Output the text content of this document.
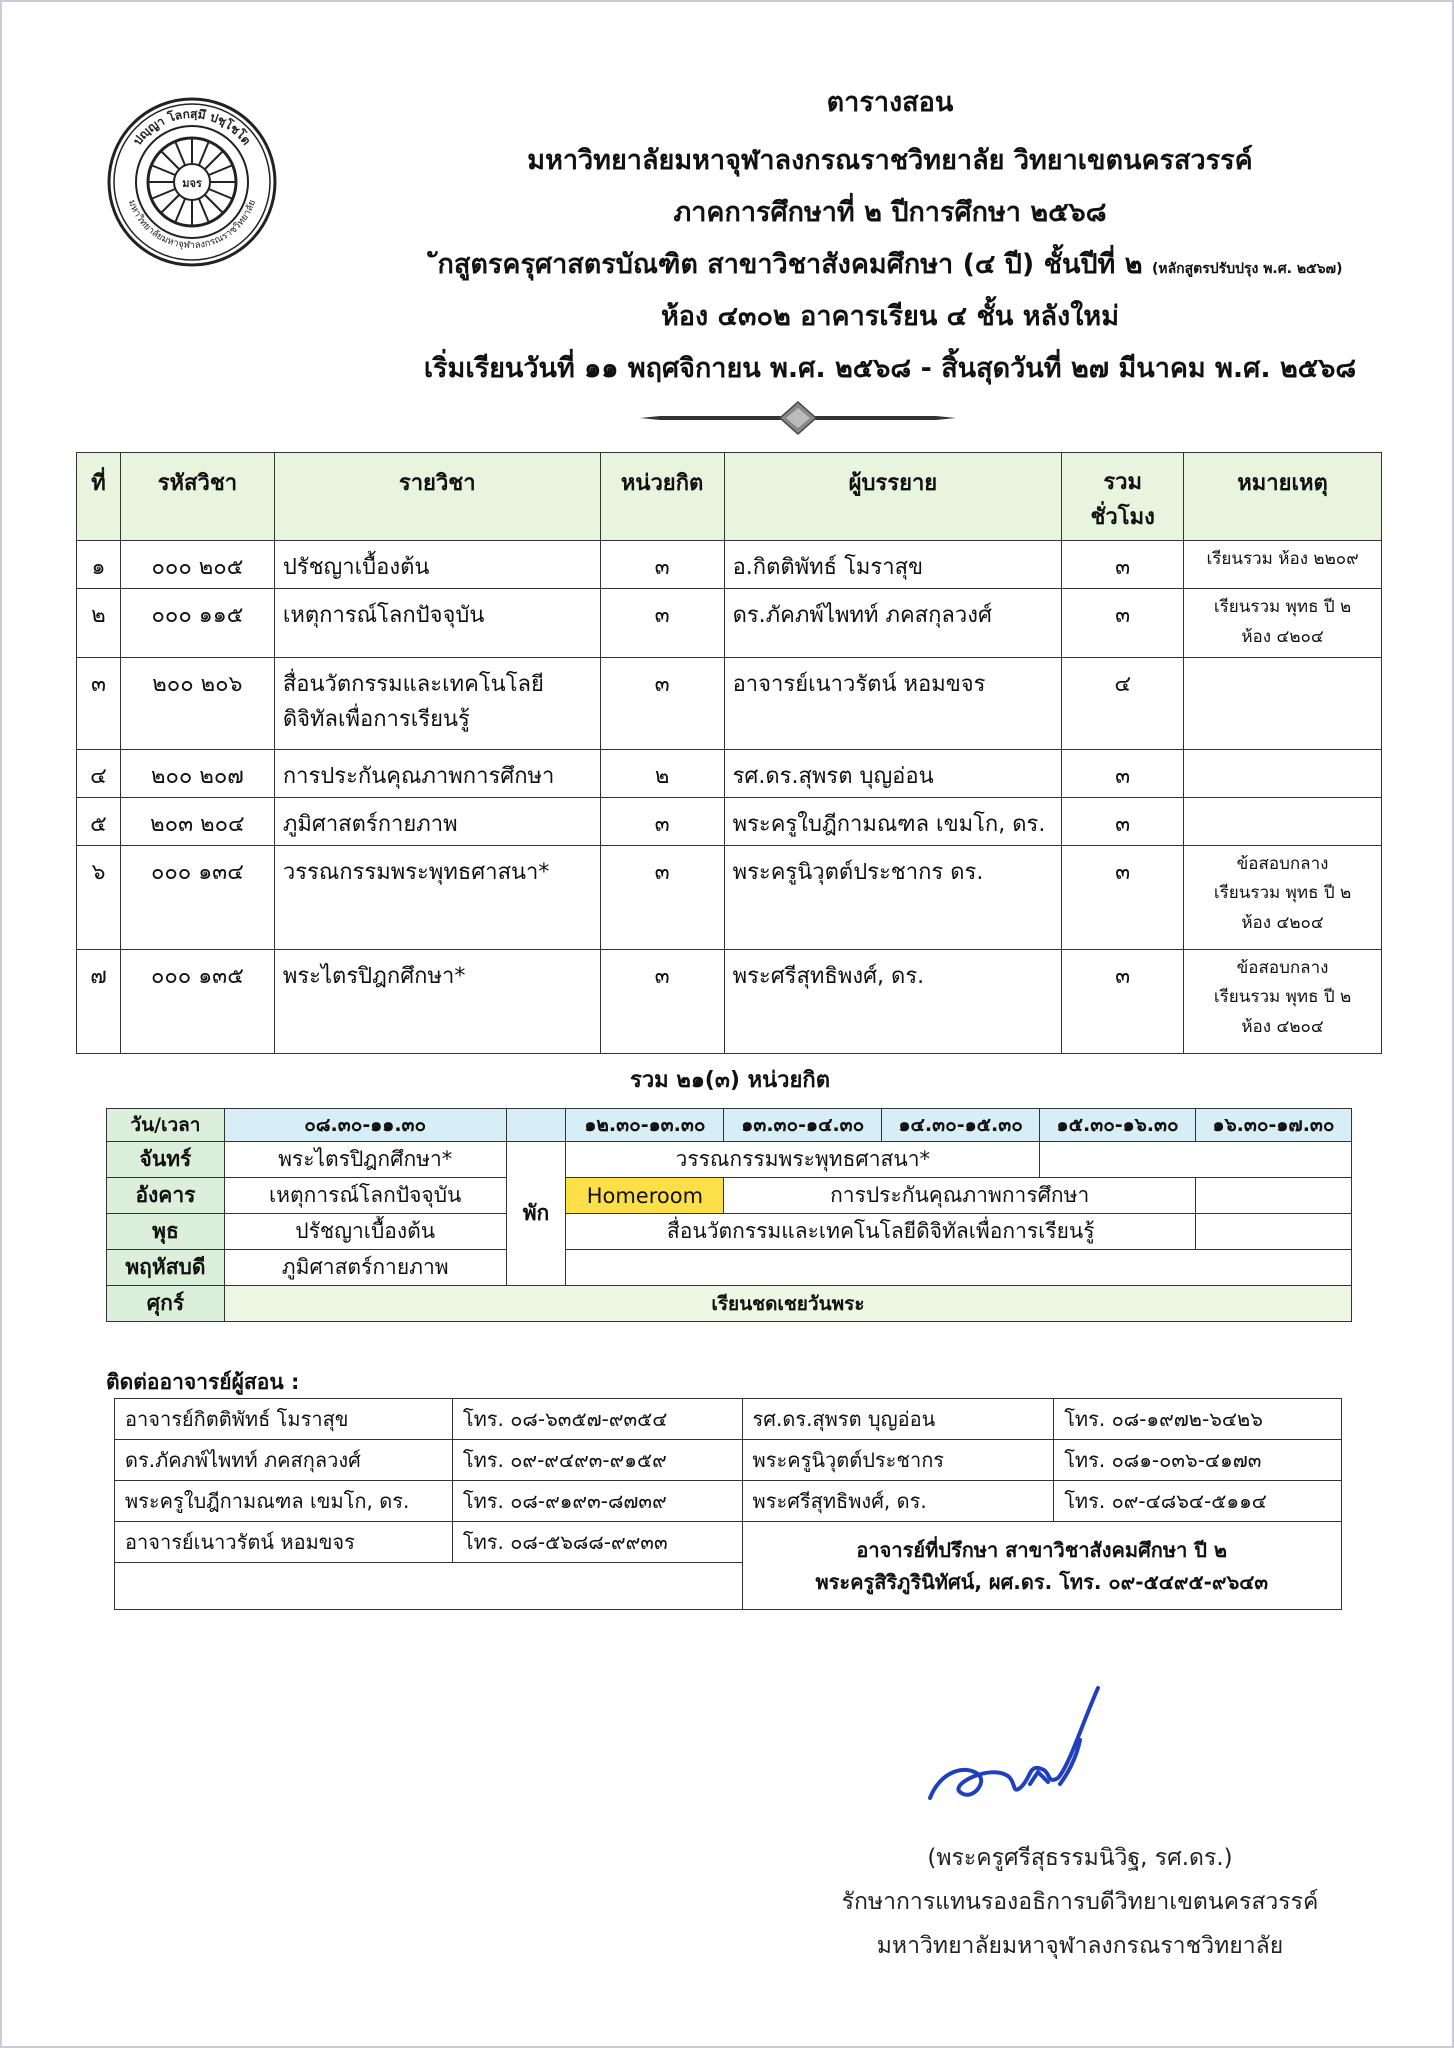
ปญฺญา โลกสฺมึ ปชฺโชโต
มหาวิทยาลัยมหาจุฬาลงกรณราชวิทยาลัย
มจร
ตารางสอน
มหาวิทยาลัยมหาจุฬาลงกรณราชวิทยาลัย วิทยาเขตนครสวรรค์
ภาคการศึกษาที่ ๒ ปีการศึกษา ๒๕๖๘
ักสูตรครุศาสตรบัณฑิต สาขาวิชาสังคมศึกษา (๔ ปี) ชั้นปีที่ ๒ (หลักสูตรปรับปรุง พ.ศ. ๒๕๖๗)
ห้อง ๔๓๐๒ อาคารเรียน ๔ ชั้น หลังใหม่
เริ่มเรียนวันที่ ๑๑ พฤศจิกายน พ.ศ. ๒๕๖๘ - สิ้นสุดวันที่ ๒๗ มีนาคม พ.ศ. ๒๕๖๘
ที่	รหัสวิชา	รายวิชา	หน่วยกิต	ผู้บรรยาย	รวม
ชั่วโมง	หมายเหตุ
๑	๐๐๐ ๒๐๕	ปรัชญาเบื้องต้น	๓	อ.กิตติพัทธ์ โมราสุข	๓	เรียนรวม ห้อง ๒๒๐๙
๒	๐๐๐ ๑๑๕	เหตุการณ์โลกปัจจุบัน	๓	ดร.ภัคภพ์ไพทท์ ภคสกุลวงศ์	๓	เรียนรวม พุทธ ปี ๒
ห้อง ๔๒๐๔
๓	๒๐๐ ๒๐๖	สื่อนวัตกรรมและเทคโนโลยี
ดิจิทัลเพื่อการเรียนรู้	๓	อาจารย์เนาวรัตน์ หอมขจร	๔	
๔	๒๐๐ ๒๐๗	การประกันคุณภาพการศึกษา	๒	รศ.ดร.สุพรต บุญอ่อน	๓	
๕	๒๐๓ ๒๐๔	ภูมิศาสตร์กายภาพ	๓	พระครูใบฎีกามณฑล เขมโก, ดร.	๓	
๖	๐๐๐ ๑๓๔	วรรณกรรมพระพุทธศาสนา*	๓	พระครูนิวุตต์ประชากร ดร.	๓	ข้อสอบกลาง
เรียนรวม พุทธ ปี ๒
ห้อง ๔๒๐๔
๗	๐๐๐ ๑๓๕	พระไตรปิฎกศึกษา*	๓	พระศรีสุทธิพงศ์, ดร.	๓	ข้อสอบกลาง
เรียนรวม พุทธ ปี ๒
ห้อง ๔๒๐๔
รวม ๒๑(๓) หน่วยกิต
วัน/เวลา	๐๘.๓๐-๑๑.๓๐		๑๒.๓๐-๑๓.๓๐	๑๓.๓๐-๑๔.๓๐	๑๔.๓๐-๑๕.๓๐	๑๕.๓๐-๑๖.๓๐	๑๖.๓๐-๑๗.๓๐
จันทร์	พระไตรปิฎกศึกษา*	พัก	วรรณกรรมพระพุทธศาสนา*				
อังคาร	เหตุการณ์โลกปัจจุบัน		Homeroom	การประกันคุณภาพการศึกษา			
พุธ	ปรัชญาเบื้องต้น		สื่อนวัตกรรมและเทคโนโลยีดิจิทัลเพื่อการเรียนรู้				
พฤหัสบดี	ภูมิศาสตร์กายภาพ						
ศุกร์	เรียนชดเชยวันพระ						
ติดต่ออาจารย์ผู้สอน :
อาจารย์กิตติพัทธ์ โมราสุข	โทร. ๐๘-๖๓๕๗-๙๓๕๔	รศ.ดร.สุพรต บุญอ่อน	โทร. ๐๘-๑๙๗๒-๖๔๒๖
ดร.ภัคภพ์ไพทท์ ภคสกุลวงศ์	โทร. ๐๙-๙๔๙๓-๙๑๕๙	พระครูนิวุตต์ประชากร	โทร. ๐๘๑-๐๓๖-๔๑๗๓
พระครูใบฎีกามณฑล เขมโก, ดร.	โทร. ๐๘-๙๑๙๓-๘๗๓๙	พระศรีสุทธิพงศ์, ดร.	โทร. ๐๙-๔๘๖๔-๕๑๑๔
อาจารย์เนาวรัตน์ หอมขจร	โทร. ๐๘-๕๖๘๘-๙๙๓๓	อาจารย์ที่ปรึกษา สาขาวิชาสังคมศึกษา ปี ๒
พระครูสิริภูรินิทัศน์, ผศ.ดร. โทร. ๐๙-๕๔๙๕-๙๖๔๓	

(พระครูศรีสุธรรมนิวิฐ, รศ.ดร.)
รักษาการแทนรองอธิการบดีวิทยาเขตนครสวรรค์
มหาวิทยาลัยมหาจุฬาลงกรณราชวิทยาลัย
